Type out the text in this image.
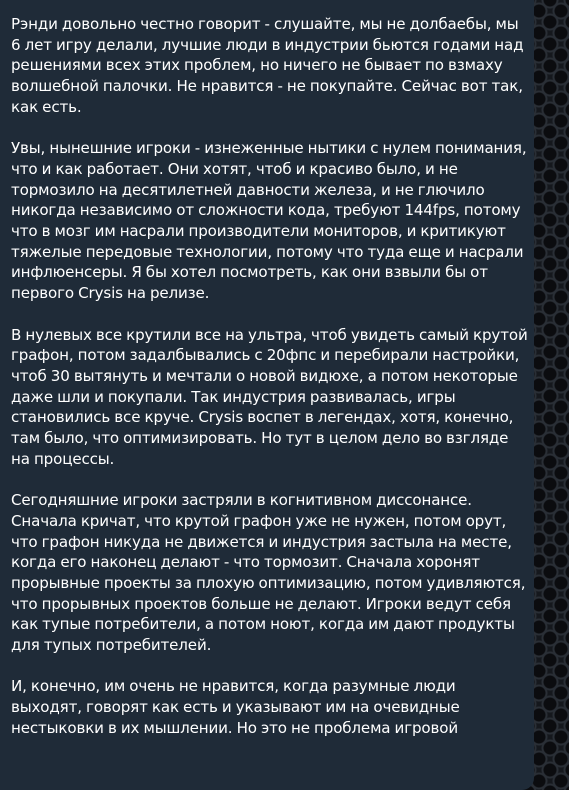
Рэнди довольно честно говорит - слушайте, мы не долбаебы, мы 6 лет игру делали, лучшие люди в индустрии бьются годами над решениями всех этих проблем, но ничего не бывает по взмаху волшебной палочки. Не нравится - не покупайте. Сейчас вот так, как есть.

Увы, нынешние игроки - изнеженные нытики с нулем понимания, что и как работает. Они хотят, чтоб и красиво было, и не тормозило на десятилетней давности железа, и не глючило никогда независимо от сложности кода, требуют 144fps, потому что в мозг им насрали производители мониторов, и критикуют тяжелые передовые технологии, потому что туда еще и насрали инфлюенсеры. Я бы хотел посмотреть, как они взвыли бы от первого Crysis на релизе.

В нулевых все крутили все на ультра, чтоб увидеть самый крутой графон, потом задалбывались с 20фпс и перебирали настройки, чтоб 30 вытянуть и мечтали о новой видюхе, а потом некоторые даже шли и покупали. Так индустрия развивалась, игры становились все круче. Crysis воспет в легендах, хотя, конечно, там было, что оптимизировать. Но тут в целом дело во взгляде на процессы.

Сегодняшние игроки застряли в когнитивном диссонансе. Сначала кричат, что крутой графон уже не нужен, потом орут, что графон никуда не движется и индустрия застыла на месте, когда его наконец делают - что тормозит. Сначала хоронят прорывные проекты за плохую оптимизацию, потом удивляются, что прорывных проектов больше не делают. Игроки ведут себя как тупые потребители, а потом ноют, когда им дают продукты для тупых потребителей.

И, конечно, им очень не нравится, когда разумные люди выходят, говорят как есть и указывают им на очевидные нестыковки в их мышлении. Но это не проблема игровой
